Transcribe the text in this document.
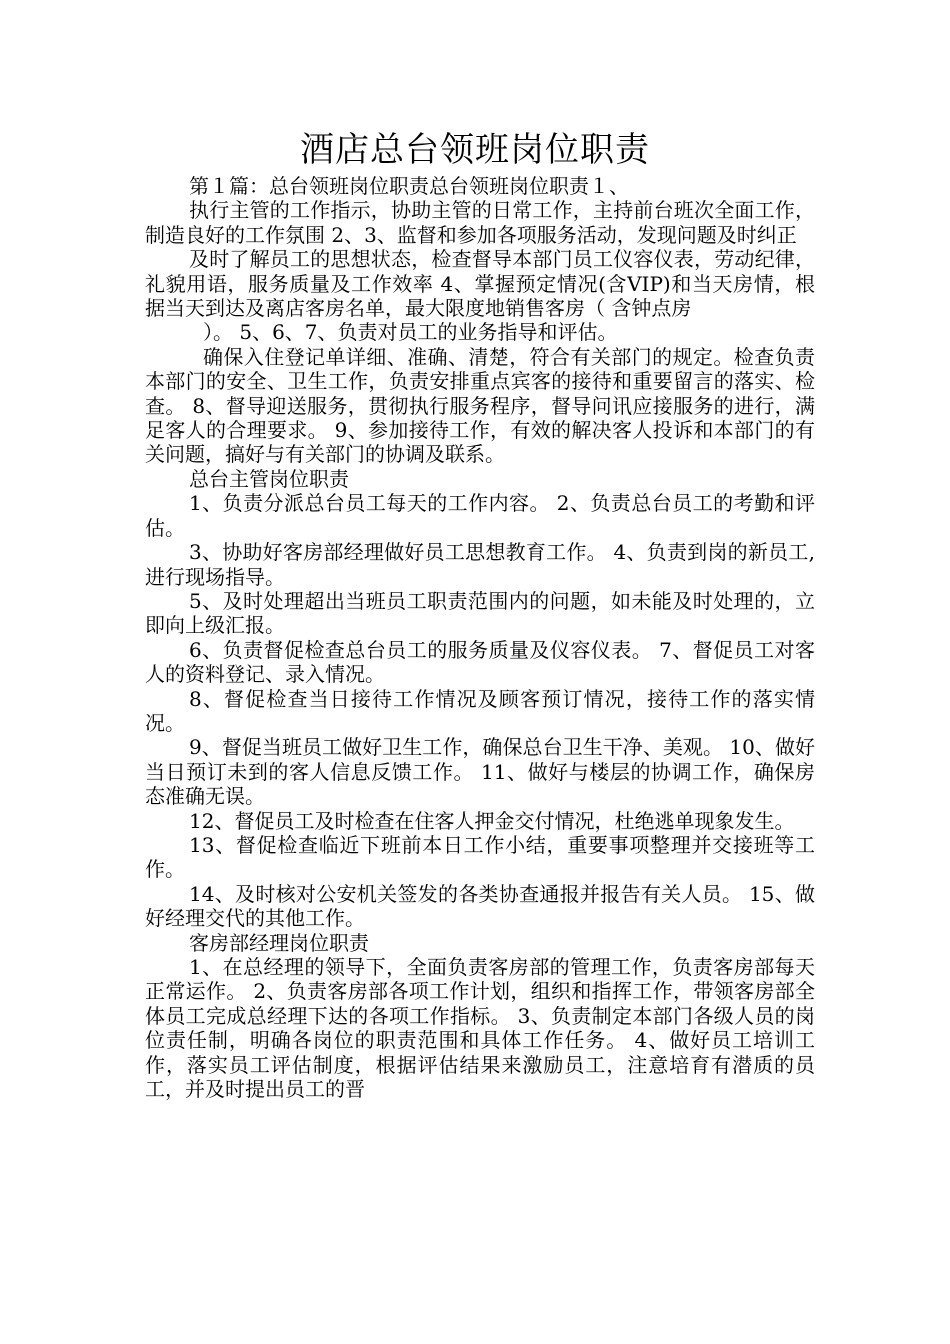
酒店总台领班岗位职责

第１篇：总台领班岗位职责总台领班岗位职责１、

执行主管的工作指示，协助主管的日常工作，主持前台班次全面工作，制造良好的工作氛围 2、3、监督和参加各项服务活动，发现问题及时纠正

及时了解员工的思想状态，检查督导本部门员工仪容仪表，劳动纪律，礼貌用语，服务质量及工作效率 4、掌握预定情况(含VIP)和当天房情，根据当天到达及离店客房名单，最大限度地销售客房（ 含钟点房

）。 5、6、7、负责对员工的业务指导和评估。

确保入住登记单详细、准确、清楚，符合有关部门的规定。检查负责本部门的安全、卫生工作，负责安排重点宾客的接待和重要留言的落实、检查。 8、督导迎送服务，贯彻执行服务程序，督导问讯应接服务的进行，满足客人的合理要求。 9、参加接待工作，有效的解决客人投诉和本部门的有关问题，搞好与有关部门的协调及联系。

总台主管岗位职责

1、负责分派总台员工每天的工作内容。 2、负责总台员工的考勤和评估。

3、协助好客房部经理做好员工思想教育工作。 4、负责到岗的新员工,进行现场指导。

5、及时处理超出当班员工职责范围内的问题，如未能及时处理的，立即向上级汇报。

6、负责督促检查总台员工的服务质量及仪容仪表。 7、督促员工对客人的资料登记、录入情况。

8、督促检查当日接待工作情况及顾客预订情况，接待工作的落实情况。

9、督促当班员工做好卫生工作，确保总台卫生干净、美观。 10、做好当日预订未到的客人信息反馈工作。 11、做好与楼层的协调工作，确保房态准确无误。

12、督促员工及时检查在住客人押金交付情况，杜绝逃单现象发生。

13、督促检查临近下班前本日工作小结，重要事项整理并交接班等工作。

14、及时核对公安机关签发的各类协查通报并报告有关人员。 15、做好经理交代的其他工作。

客房部经理岗位职责

1、在总经理的领导下，全面负责客房部的管理工作，负责客房部每天正常运作。 2、负责客房部各项工作计划，组织和指挥工作，带领客房部全体员工完成总经理下达的各项工作指标。 3、负责制定本部门各级人员的岗位责任制，明确各岗位的职责范围和具体工作任务。 4、做好员工培训工作，落实员工评估制度，根据评估结果来激励员工，注意培育有潜质的员工，并及时提出员工的晋
